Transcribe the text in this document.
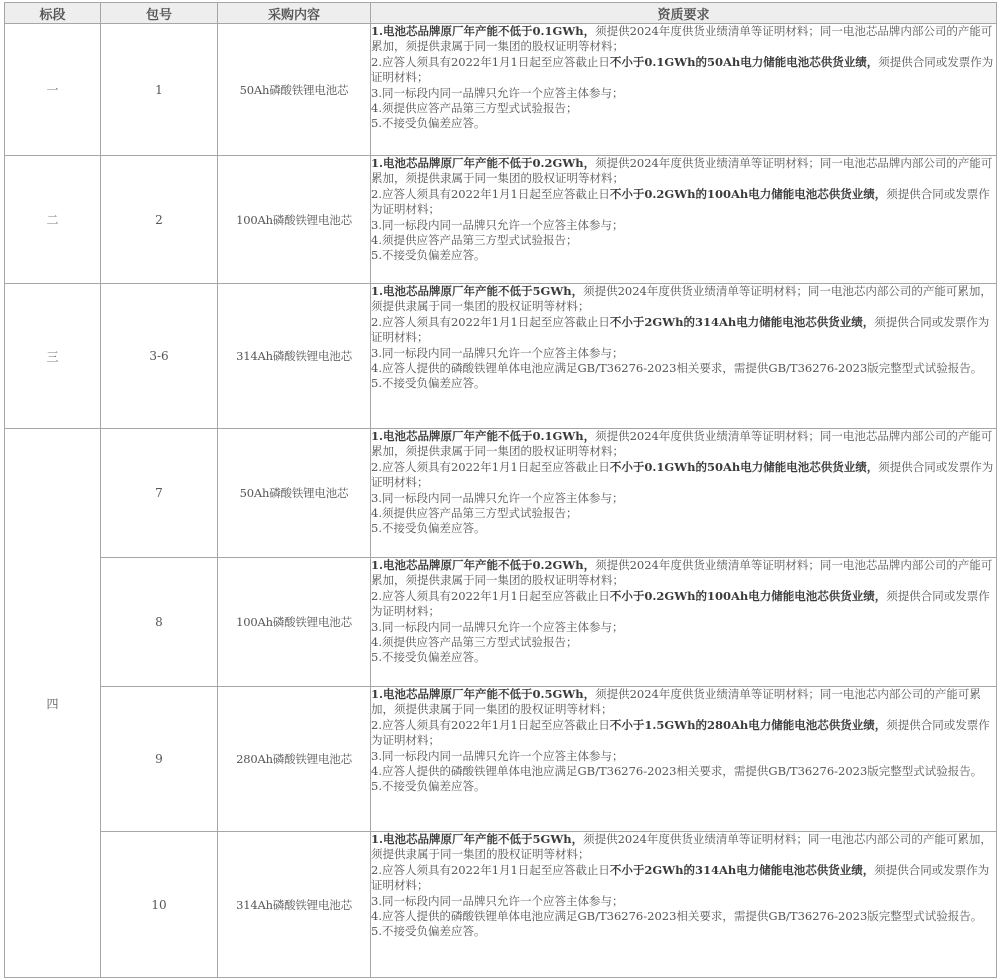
标段	包号	采购内容	资质要求
一	1	50Ah磷酸铁锂电池芯	1.电池芯品牌原厂年产能不低于0.1GWh，须提供2024年度供货业绩清单等证明材料；同一电池芯品牌内部公司的产能可累加，须提供隶属于同一集团的股权证明等材料；
2.应答人须具有2022年1月1日起至应答截止日不小于0.1GWh的50Ah电力储能电池芯供货业绩，须提供合同或发票作为证明材料；
3.同一标段内同一品牌只允许一个应答主体参与；
4.须提供应答产品第三方型式试验报告；
5.不接受负偏差应答。

二	2	100Ah磷酸铁锂电池芯	1.电池芯品牌原厂年产能不低于0.2GWh，须提供2024年度供货业绩清单等证明材料；同一电池芯品牌内部公司的产能可累加，须提供隶属于同一集团的股权证明等材料；
2.应答人须具有2022年1月1日起至应答截止日不小于0.2GWh的100Ah电力储能电池芯供货业绩，须提供合同或发票作为证明材料；
3.同一标段内同一品牌只允许一个应答主体参与；
4.须提供应答产品第三方型式试验报告；
5.不接受负偏差应答。

三	3-6	314Ah磷酸铁锂电池芯	1.电池芯品牌原厂年产能不低于5GWh，须提供2024年度供货业绩清单等证明材料；同一电池芯内部公司的产能可累加，须提供隶属于同一集团的股权证明等材料；
2.应答人须具有2022年1月1日起至应答截止日不小于2GWh的314Ah电力储能电池芯供货业绩，须提供合同或发票作为证明材料；
3.同一标段内同一品牌只允许一个应答主体参与；
4.应答人提供的磷酸铁锂单体电池应满足GB/T36276-2023相关要求，需提供GB/T36276-2023版完整型式试验报告。
5.不接受负偏差应答。

四	7	50Ah磷酸铁锂电池芯	1.电池芯品牌原厂年产能不低于0.1GWh，须提供2024年度供货业绩清单等证明材料；同一电池芯品牌内部公司的产能可累加，须提供隶属于同一集团的股权证明等材料；
2.应答人须具有2022年1月1日起至应答截止日不小于0.1GWh的50Ah电力储能电池芯供货业绩，须提供合同或发票作为证明材料；
3.同一标段内同一品牌只允许一个应答主体参与；
4.须提供应答产品第三方型式试验报告；
5.不接受负偏差应答。

	8	100Ah磷酸铁锂电池芯	1.电池芯品牌原厂年产能不低于0.2GWh，须提供2024年度供货业绩清单等证明材料；同一电池芯品牌内部公司的产能可累加，须提供隶属于同一集团的股权证明等材料；
2.应答人须具有2022年1月1日起至应答截止日不小于0.2GWh的100Ah电力储能电池芯供货业绩，须提供合同或发票作为证明材料；
3.同一标段内同一品牌只允许一个应答主体参与；
4.须提供应答产品第三方型式试验报告；
5.不接受负偏差应答。

	9	280Ah磷酸铁锂电池芯	1.电池芯品牌原厂年产能不低于0.5GWh，须提供2024年度供货业绩清单等证明材料；同一电池芯内部公司的产能可累加，须提供隶属于同一集团的股权证明等材料；
2.应答人须具有2022年1月1日起至应答截止日不小于1.5GWh的280Ah电力储能电池芯供货业绩，须提供合同或发票作为证明材料；
3.同一标段内同一品牌只允许一个应答主体参与；
4.应答人提供的磷酸铁锂单体电池应满足GB/T36276-2023相关要求，需提供GB/T36276-2023版完整型式试验报告。
5.不接受负偏差应答。

	10	314Ah磷酸铁锂电池芯	1.电池芯品牌原厂年产能不低于5GWh，须提供2024年度供货业绩清单等证明材料；同一电池芯内部公司的产能可累加，须提供隶属于同一集团的股权证明等材料；
2.应答人须具有2022年1月1日起至应答截止日不小于2GWh的314Ah电力储能电池芯供货业绩，须提供合同或发票作为证明材料；
3.同一标段内同一品牌只允许一个应答主体参与；
4.应答人提供的磷酸铁锂单体电池应满足GB/T36276-2023相关要求，需提供GB/T36276-2023版完整型式试验报告。
5.不接受负偏差应答。
